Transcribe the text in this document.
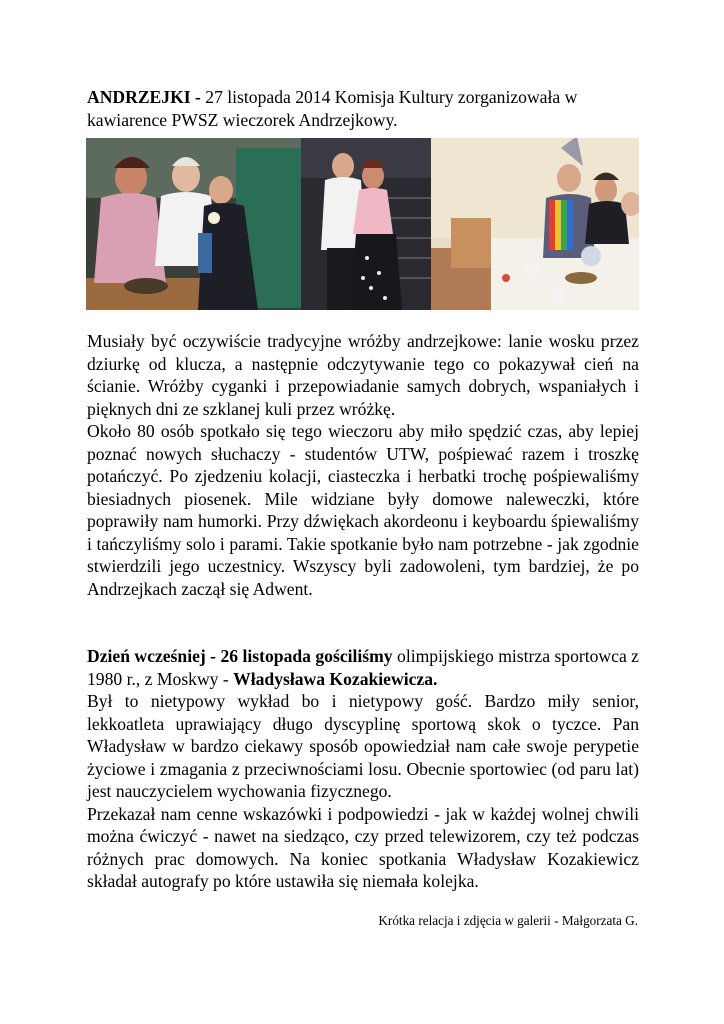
ANDRZEJKI - 27 listopada 2014 Komisja Kultury zorganizowała w kawiarence PWSZ wieczorek Andrzejkowy.

Musiały być oczywiście tradycyjne wróżby andrzejkowe: lanie wosku przez dziurkę od klucza, a następnie odczytywanie tego co pokazywał cień na ścianie. Wróżby cyganki i przepowiadanie samych dobrych, wspaniałych i pięknych dni ze szklanej kuli przez wróżkę.

Około 80 osób spotkało się tego wieczoru aby miło spędzić czas, aby lepiej poznać nowych słuchaczy - studentów UTW, pośpiewać razem i troszkę potańczyć. Po zjedzeniu kolacji, ciasteczka i herbatki trochę pośpiewaliśmy biesiadnych piosenek. Mile widziane były domowe naleweczki, które poprawiły nam humorki. Przy dźwiękach akordeonu i keyboardu śpiewaliśmy i tańczyliśmy solo i parami. Takie spotkanie było nam potrzebne - jak zgodnie stwierdzili jego uczestnicy. Wszyscy byli zadowoleni, tym bardziej, że po Andrzejkach zaczął się Adwent.

Dzień wcześniej - 26 listopada gościliśmy olimpijskiego mistrza sportowca z 1980 r., z Moskwy - Władysława Kozakiewicza.

Był to nietypowy wykład bo i nietypowy gość. Bardzo miły senior, lekkoatleta uprawiający długo dyscyplinę sportową skok o tyczce. Pan Władysław w bardzo ciekawy sposób opowiedział nam całe swoje perypetie życiowe i zmagania z przeciwnościami losu. Obecnie sportowiec (od paru lat) jest nauczycielem wychowania fizycznego.

Przekazał nam cenne wskazówki i podpowiedzi - jak w każdej wolnej chwili można ćwiczyć - nawet na siedząco, czy przed telewizorem, czy też podczas różnych prac domowych. Na koniec spotkania Władysław Kozakiewicz składał autografy po które ustawiła się niemała kolejka.

Krótka relacja i zdjęcia w galerii - Małgorzata G.
